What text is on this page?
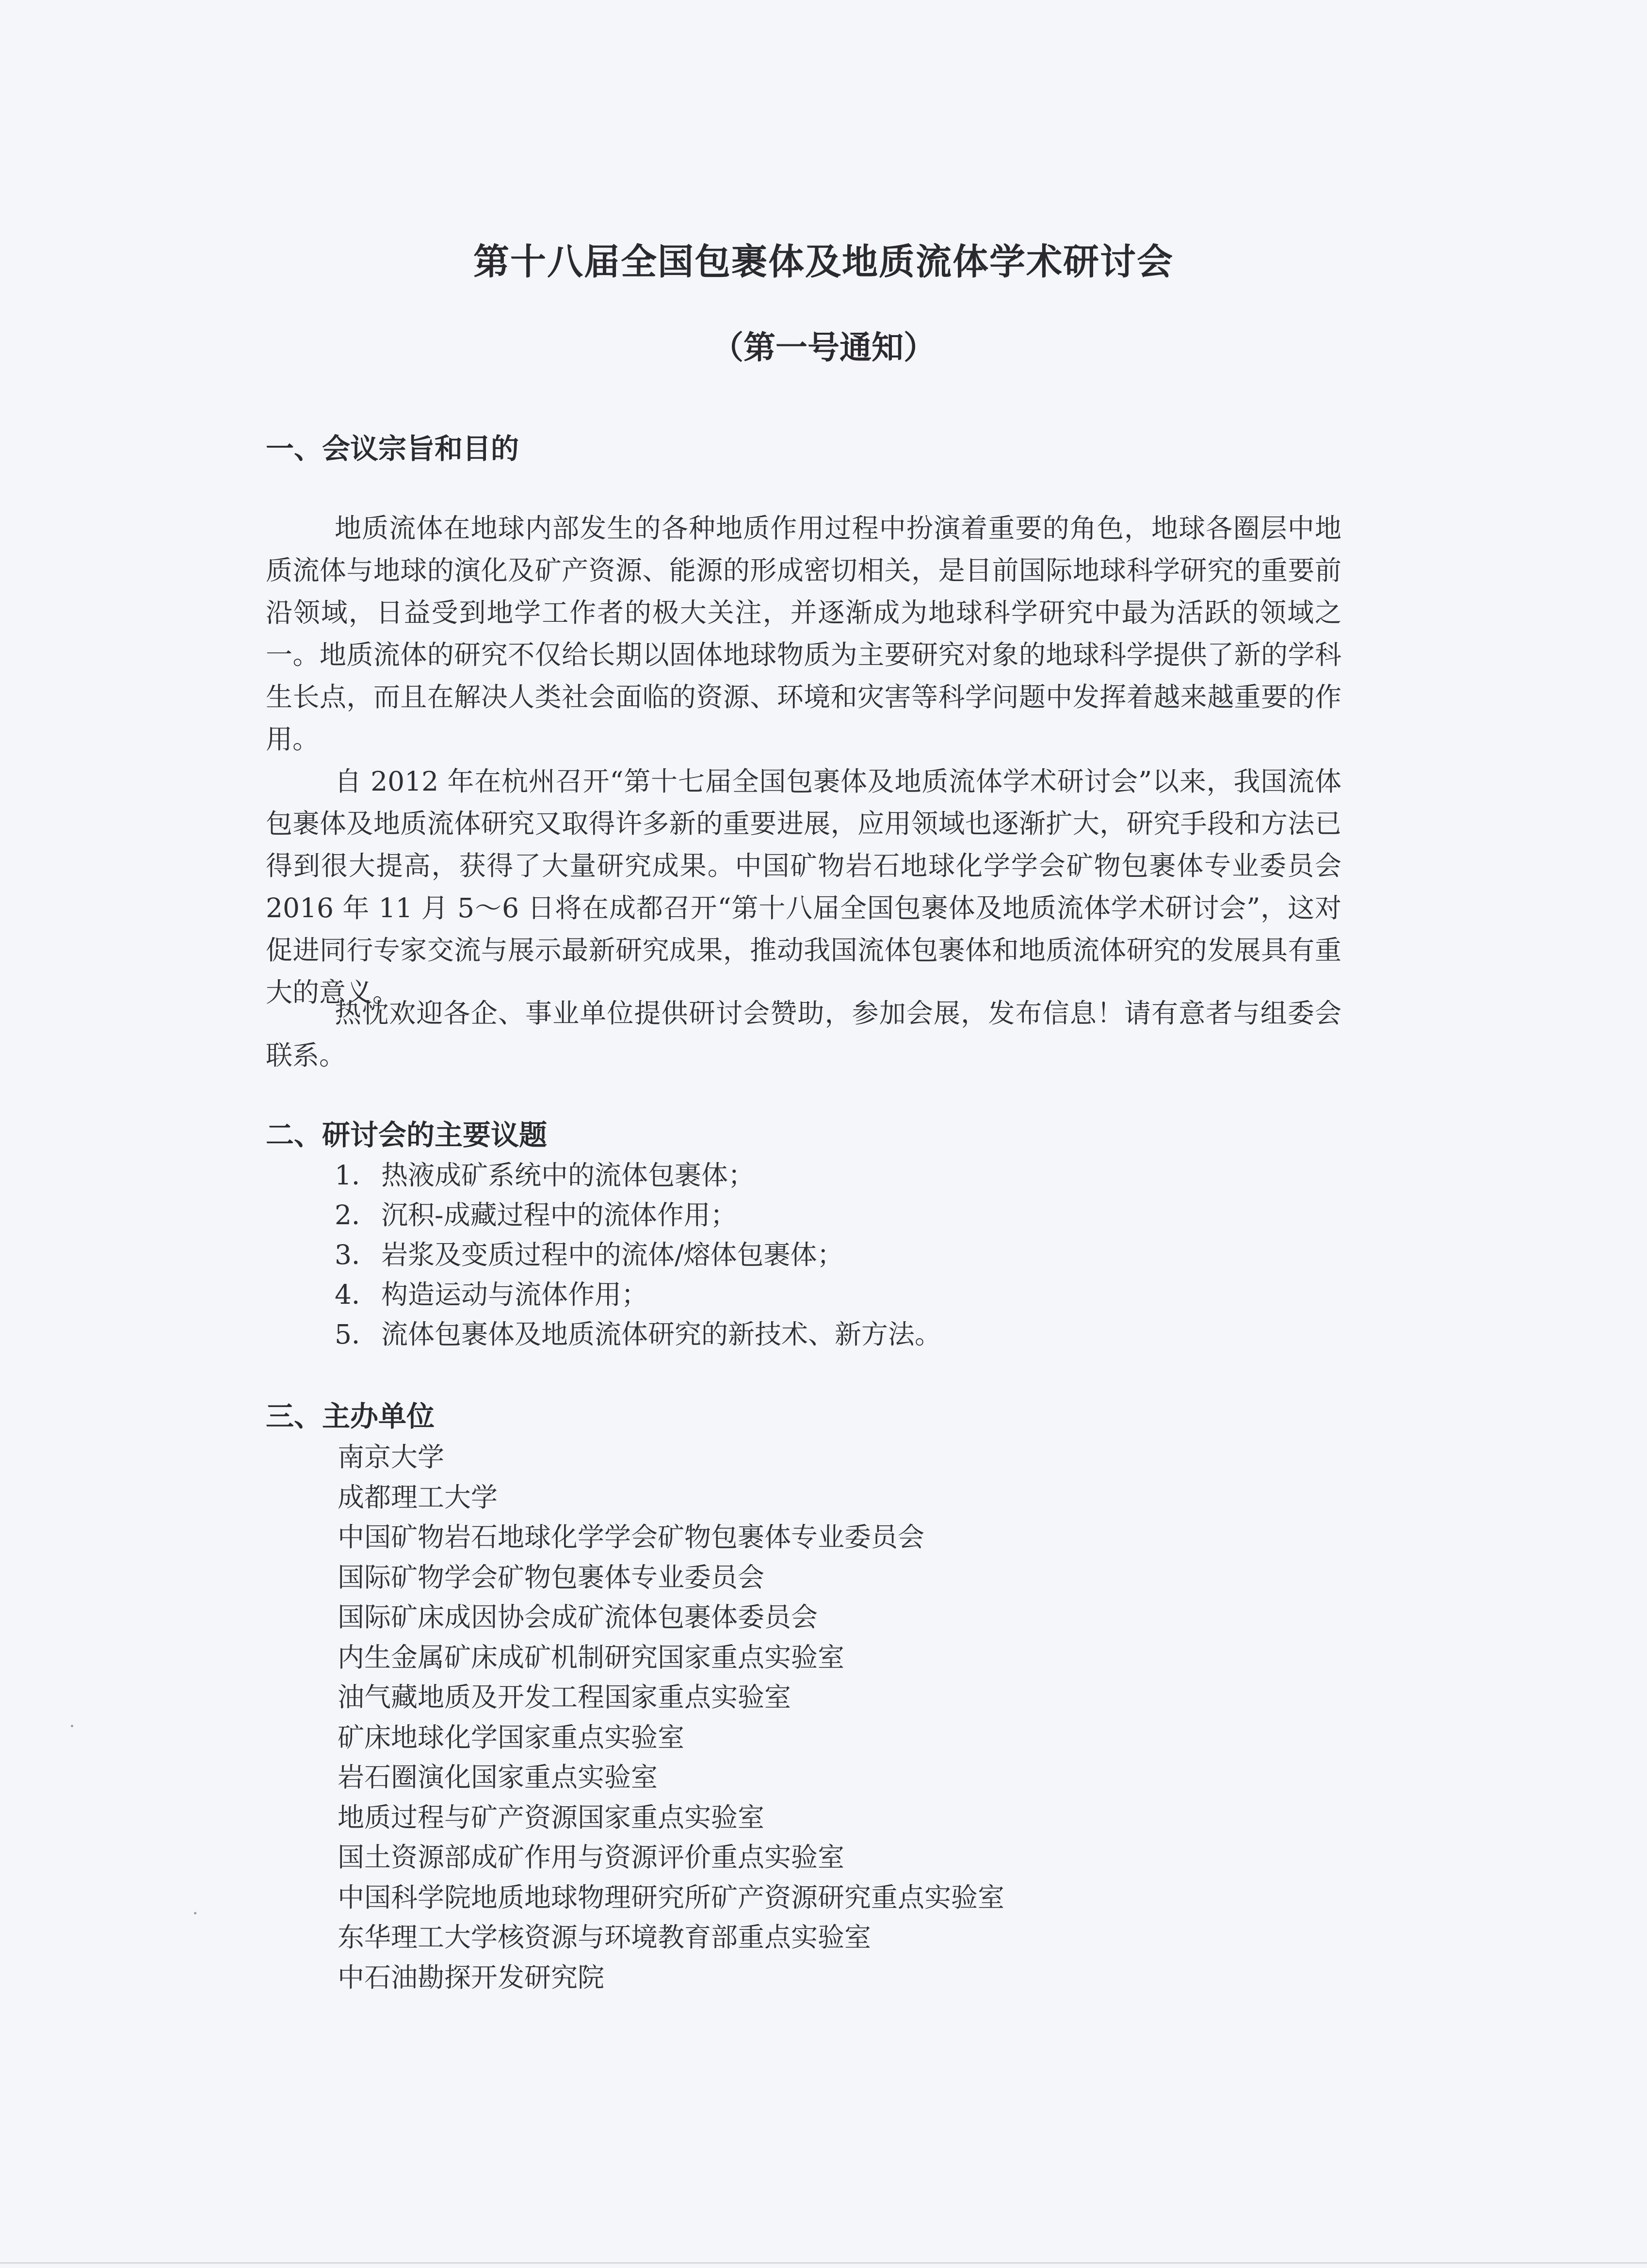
第十八届全国包裹体及地质流体学术研讨会
（第一号通知）
一、会议宗旨和目的
地质流体在地球内部发生的各种地质作用过程中扮演着重要的角色，地球各圈层中地质流体与地球的演化及矿产资源、能源的形成密切相关，是目前国际地球科学研究的重要前沿领域，日益受到地学工作者的极大关注，并逐渐成为地球科学研究中最为活跃的领域之一。地质流体的研究不仅给长期以固体地球物质为主要研究对象的地球科学提供了新的学科生长点，而且在解决人类社会面临的资源、环境和灾害等科学问题中发挥着越来越重要的作用。
自 2012 年在杭州召开“第十七届全国包裹体及地质流体学术研讨会”以来，我国流体包裹体及地质流体研究又取得许多新的重要进展，应用领域也逐渐扩大，研究手段和方法已得到很大提高，获得了大量研究成果。中国矿物岩石地球化学学会矿物包裹体专业委员会 2016 年 11 月 5～6 日将在成都召开“第十八届全国包裹体及地质流体学术研讨会”，这对促进同行专家交流与展示最新研究成果，推动我国流体包裹体和地质流体研究的发展具有重大的意义。
热忱欢迎各企、事业单位提供研讨会赞助，参加会展，发布信息！请有意者与组委会联系。
二、研讨会的主要议题
1． 热液成矿系统中的流体包裹体；
2． 沉积-成藏过程中的流体作用；
3． 岩浆及变质过程中的流体/熔体包裹体；
4． 构造运动与流体作用；
5． 流体包裹体及地质流体研究的新技术、新方法。
三、主办单位
南京大学
成都理工大学
中国矿物岩石地球化学学会矿物包裹体专业委员会
国际矿物学会矿物包裹体专业委员会
国际矿床成因协会成矿流体包裹体委员会
内生金属矿床成矿机制研究国家重点实验室
油气藏地质及开发工程国家重点实验室
矿床地球化学国家重点实验室
岩石圈演化国家重点实验室
地质过程与矿产资源国家重点实验室
国土资源部成矿作用与资源评价重点实验室
中国科学院地质地球物理研究所矿产资源研究重点实验室
东华理工大学核资源与环境教育部重点实验室
中石油勘探开发研究院
